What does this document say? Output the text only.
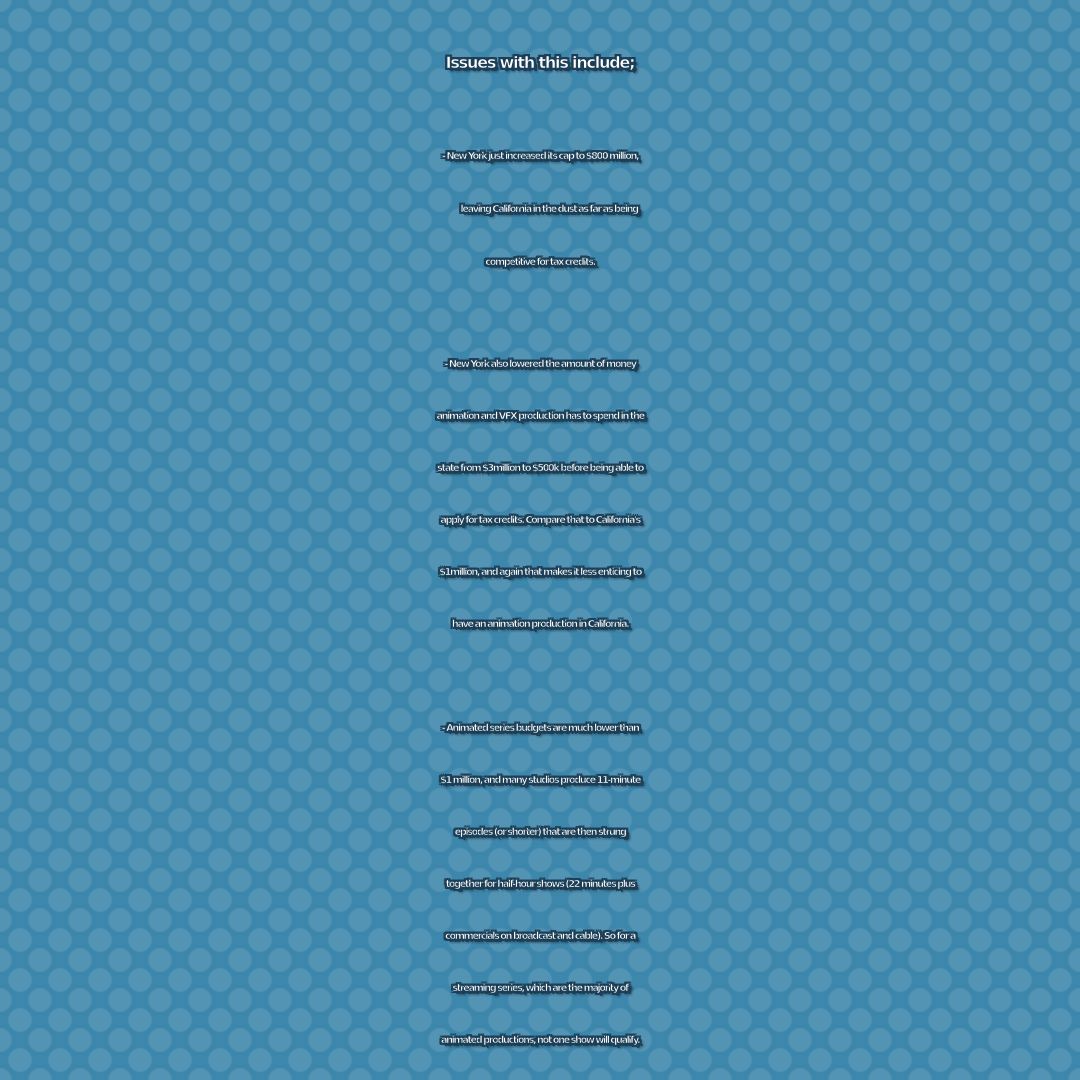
Issues with this include;
- New York just increased its cap to $800 million,
leaving California in the dust as far as being
competitive for tax credits.
- New York also lowered the amount of money
animation and VFX production has to spend in the
state from $3million to $500k before being able to
apply for tax credits. Compare that to California's
$1million, and again that makes it less enticing to
have an animation production in California.
- Animated series budgets are much lower than
$1 million, and many studios produce 11-minute
episodes (or shorter) that are then strung
together for half-hour shows (22 minutes plus
commercials on broadcast and cable). So for a
streaming series, which are the majority of
animated productions, not one show will qualify.
